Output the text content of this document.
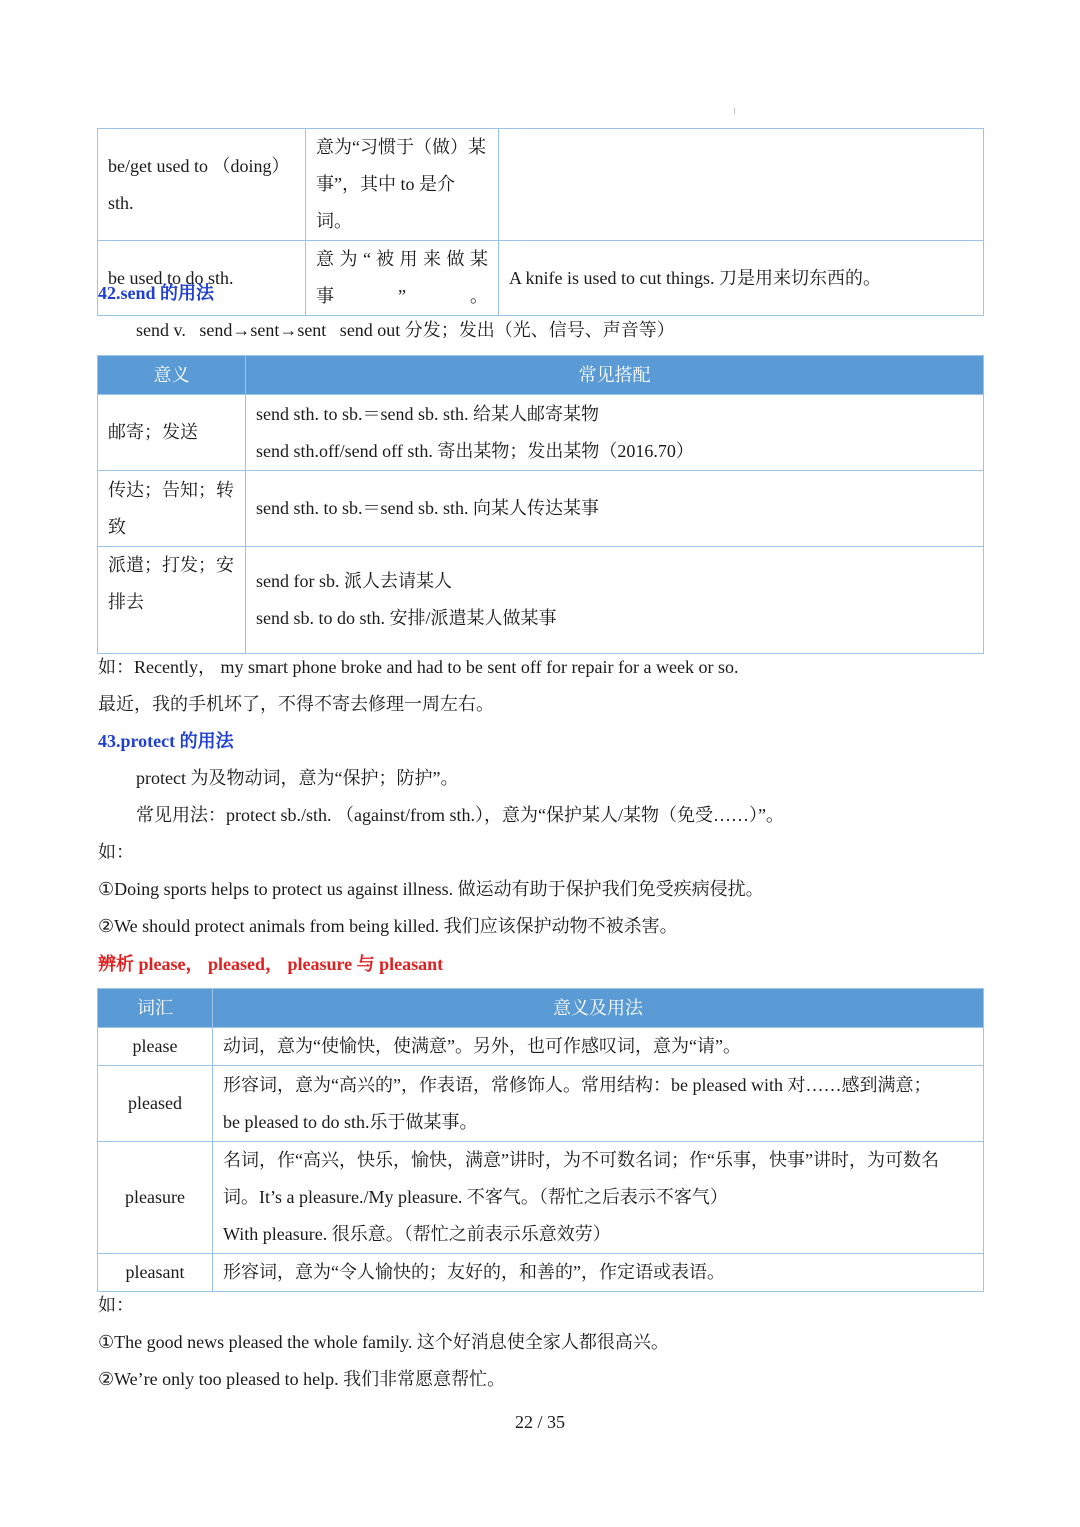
be/get used to （doing） sth.	意为“习惯于（做）某事”，其中 to 是介词。	
be used to do sth.	意 为 “ 被 用 来 做 某 事”。	A knife is used to cut things. 刀是用来切东西的。

42.send 的用法

send v.   send→sent→sent   send out 分发；发出（光、信号、声音等）

意义	常见搭配
邮寄；发送	send sth. to sb.＝send sb. sth. 给某人邮寄某物
send sth.off/send off sth. 寄出某物；发出某物（2016.70）

传达；告知；转致	send sth. to sb.＝send sb. sth. 向某人传达某事

派遣；打发；安排去	send for sb. 派人去请某人
send sb. to do sth. 安排/派遣某人做某事

如：Recently， my smart phone broke and had to be sent off for repair for a week or so.

最近，我的手机坏了，不得不寄去修理一周左右。

43.protect 的用法

protect 为及物动词，意为“保护；防护”。

常见用法：protect sb./sth. （against/from sth.），意为“保护某人/某物（免受……）”。

如：

①Doing sports helps to protect us against illness. 做运动有助于保护我们免受疾病侵扰。

②We should protect animals from being killed. 我们应该保护动物不被杀害。

辨析 please， pleased， pleasure 与 pleasant

词汇	意义及用法
please	动词，意为“使愉快，使满意”。另外，也可作感叹词，意为“请”。

pleased	形容词，意为“高兴的”，作表语，常修饰人。常用结构：be pleased with 对……感到满意；
be pleased to do sth.乐于做某事。

pleasure	名词，作“高兴，快乐，愉快，满意”讲时，为不可数名词；作“乐事，快事”讲时，为可数名
词。It’s a pleasure./My pleasure. 不客气。（帮忙之后表示不客气）
With pleasure. 很乐意。（帮忙之前表示乐意效劳）

pleasant	形容词，意为“令人愉快的；友好的，和善的”，作定语或表语。

如：

①The good news pleased the whole family. 这个好消息使全家人都很高兴。

②We’re only too pleased to help. 我们非常愿意帮忙。

22 / 35
